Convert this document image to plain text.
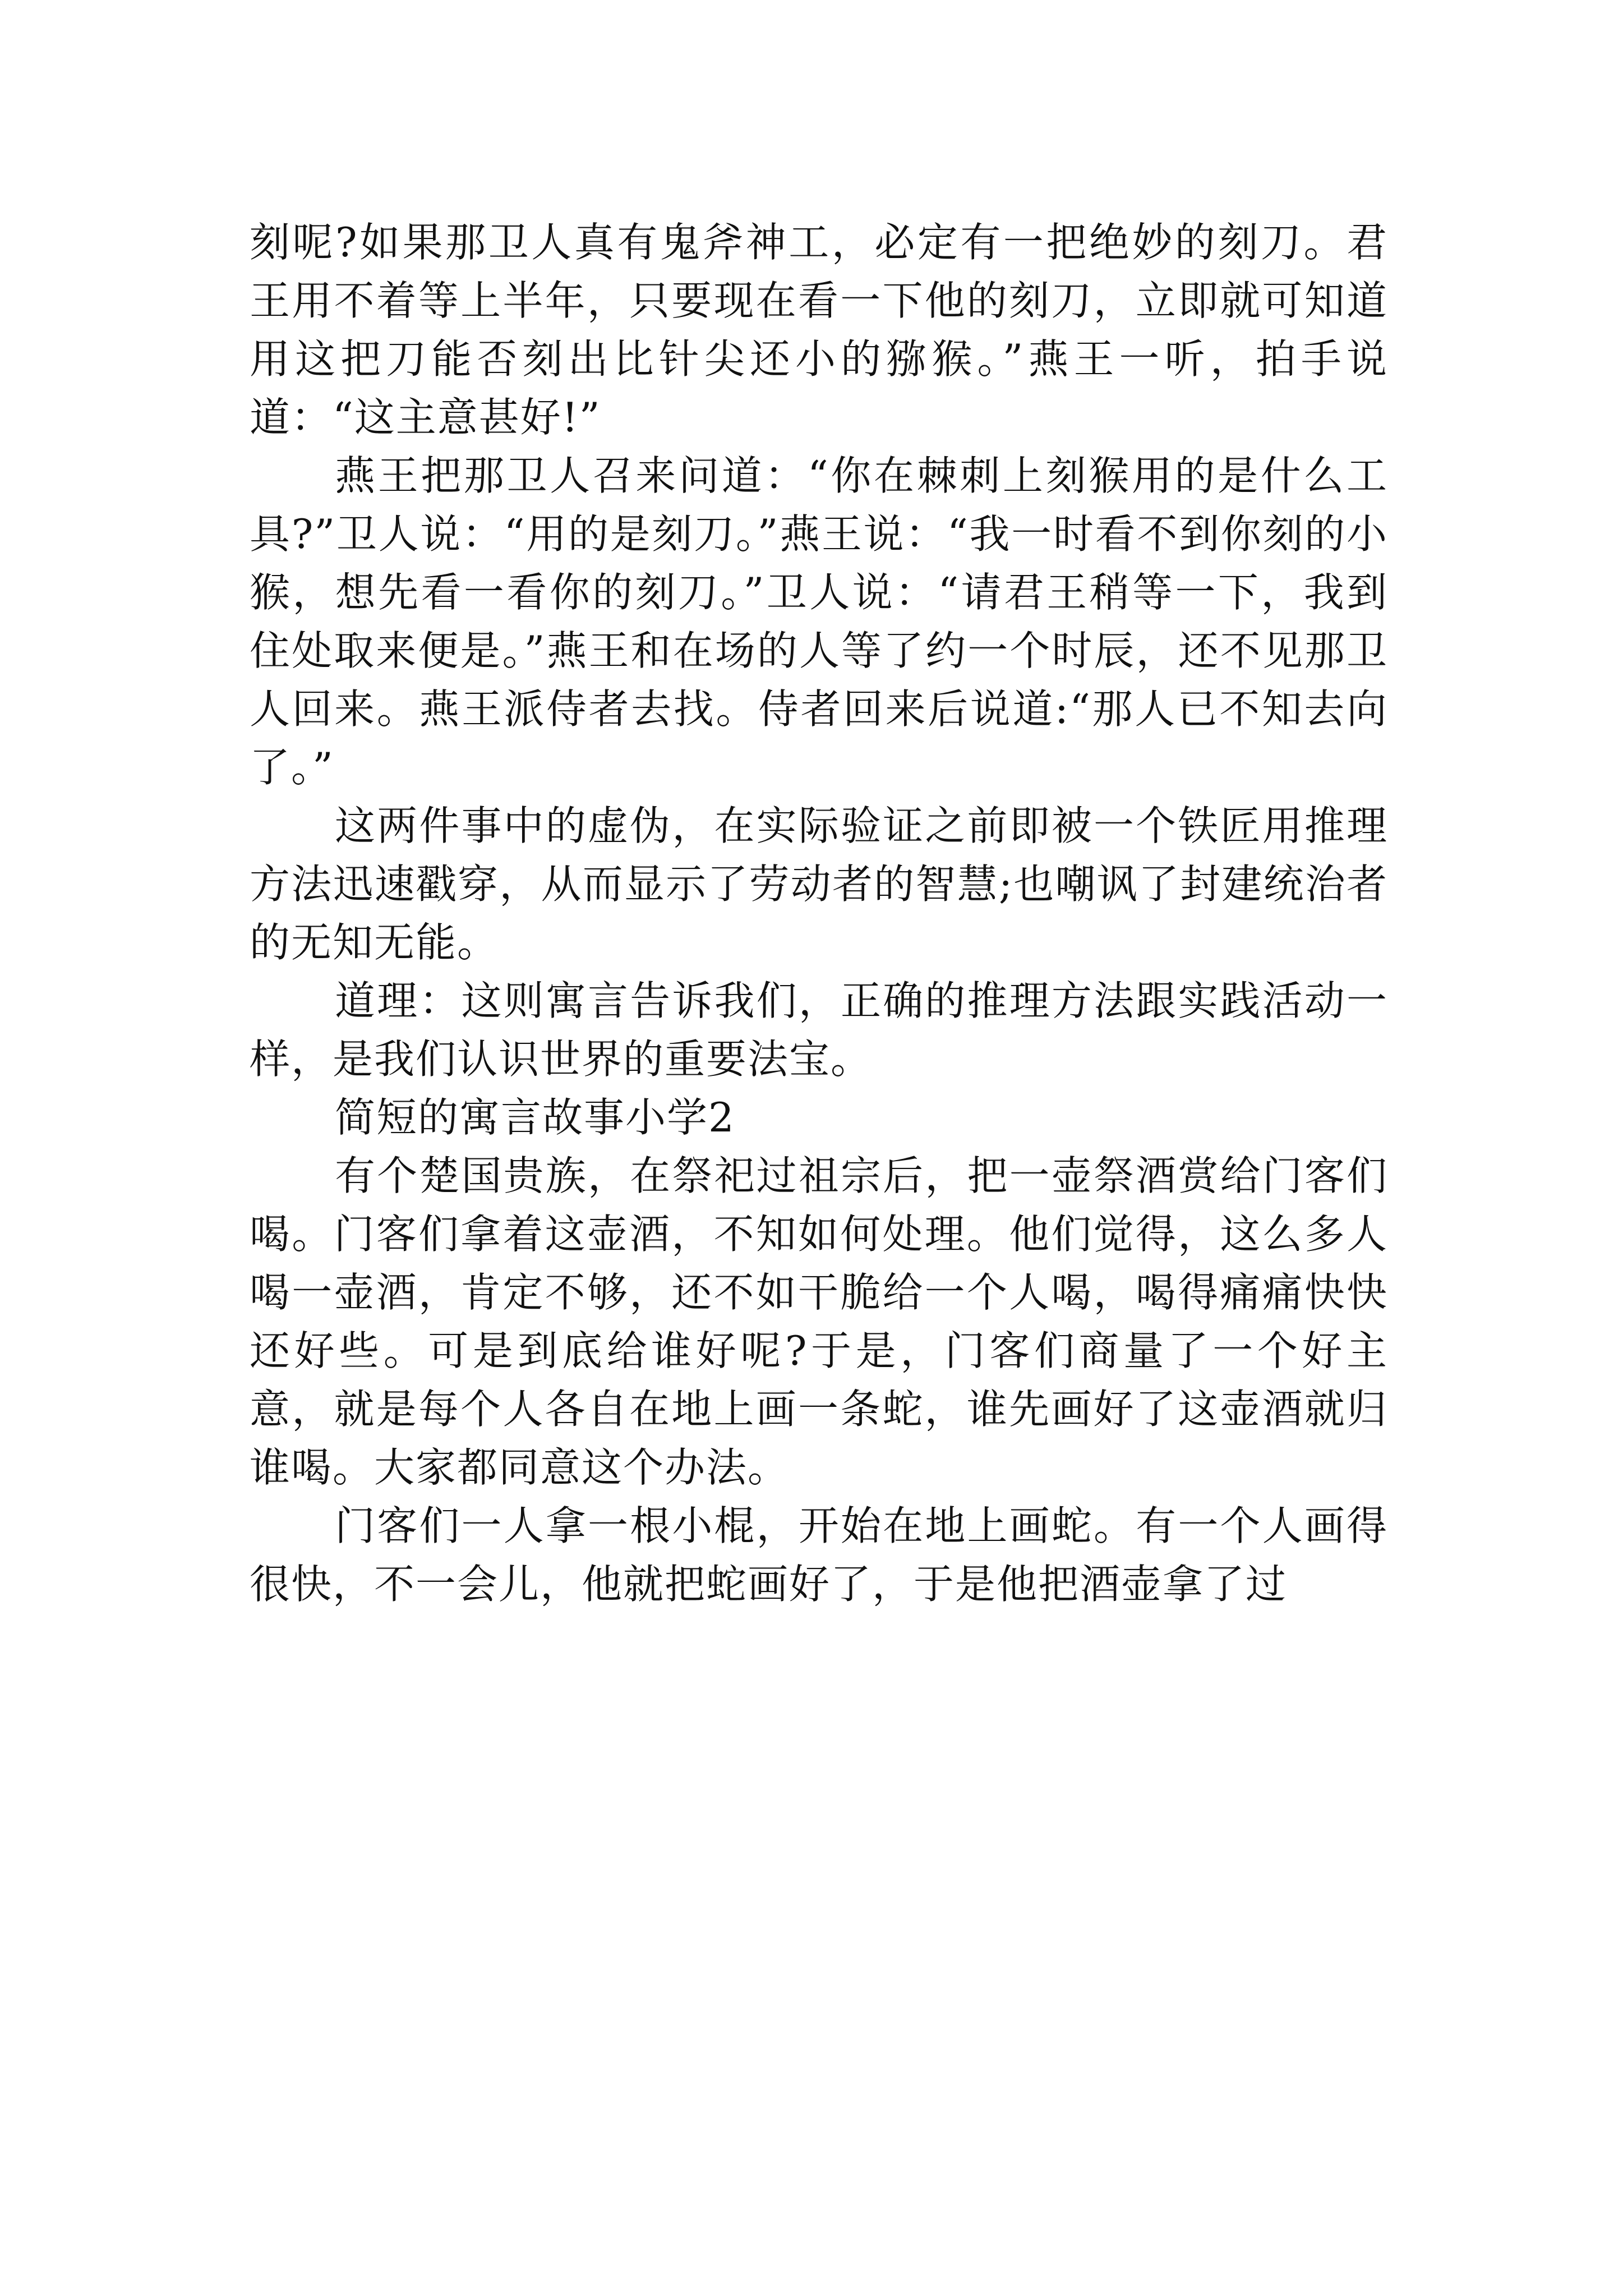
刻呢?如果那卫人真有鬼斧神工，必定有一把绝妙的刻刀。君王用不着等上半年，只要现在看一下他的刻刀，立即就可知道用这把刀能否刻出比针尖还小的猕猴。”燕王一听，拍手说道：“这主意甚好!”

燕王把那卫人召来问道：“你在棘刺上刻猴用的是什么工具?”卫人说：“用的是刻刀。”燕王说：“我一时看不到你刻的小猴，想先看一看你的刻刀。”卫人说：“请君王稍等一下，我到住处取来便是。”燕王和在场的人等了约一个时辰，还不见那卫人回来。燕王派侍者去找。侍者回来后说道:“那人已不知去向了。”

这两件事中的虚伪，在实际验证之前即被一个铁匠用推理方法迅速戳穿，从而显示了劳动者的智慧;也嘲讽了封建统治者的无知无能。

道理：这则寓言告诉我们，正确的推理方法跟实践活动一样，是我们认识世界的重要法宝。

简短的寓言故事小学2

有个楚国贵族，在祭祀过祖宗后，把一壶祭酒赏给门客们喝。门客们拿着这壶酒，不知如何处理。他们觉得，这么多人喝一壶酒，肯定不够，还不如干脆给一个人喝，喝得痛痛快快还好些。可是到底给谁好呢?于是，门客们商量了一个好主意，就是每个人各自在地上画一条蛇，谁先画好了这壶酒就归谁喝。大家都同意这个办法。

门客们一人拿一根小棍，开始在地上画蛇。有一个人画得很快，不一会儿，他就把蛇画好了，于是他把酒壶拿了过
